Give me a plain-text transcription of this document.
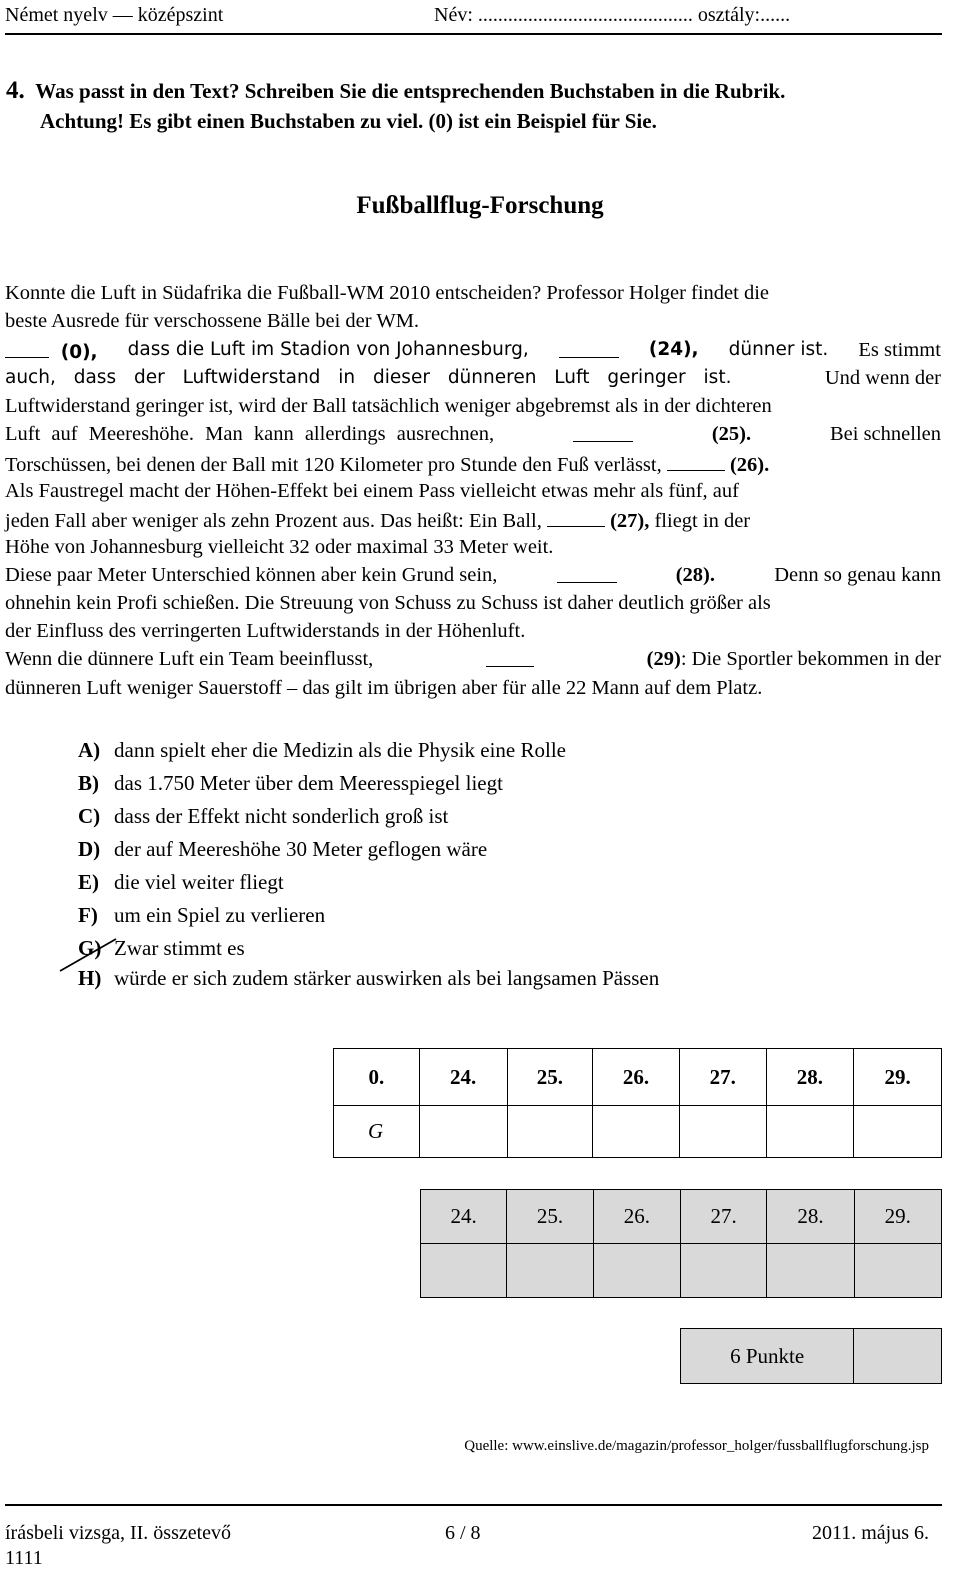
Német nyelv — középszint	Név: ........................................... osztály:......
4. Was passt in den Text? Schreiben Sie die entsprechenden Buchstaben in die Rubrik.
Achtung! Es gibt einen Buchstaben zu viel. (0) ist ein Beispiel für Sie.
Fußballflug-Forschung
Konnte die Luft in Südafrika die Fußball-WM 2010 entscheiden? Professor Holger findet die
beste Ausrede für verschossene Bälle bei der WM.
(0), dass die Luft im Stadion von Johannesburg,	(24), dünner ist. Es stimmt
auch, dass der Luftwiderstand in dieser dünneren Luft geringer ist.	Und wenn der
Luftwiderstand geringer ist, wird der Ball tatsächlich weniger abgebremst als in der dichteren
Luft auf Meereshöhe. Man kann allerdings ausrechnen,	(25).	Bei schnellen
Torschüssen, bei denen der Ball mit 120 Kilometer pro Stunde den Fuß verlässt,	(26).
Als Faustregel macht der Höhen-Effekt bei einem Pass vielleicht etwas mehr als fünf, auf
jeden Fall aber weniger als zehn Prozent aus. Das heißt: Ein Ball,	(27), fliegt in der
Höhe von Johannesburg vielleicht 32 oder maximal 33 Meter weit.
Diese paar Meter Unterschied können aber kein Grund sein,	(28).	Denn so genau kann
ohnehin kein Profi schießen. Die Streuung von Schuss zu Schuss ist daher deutlich größer als
der Einfluss des verringerten Luftwiderstands in der Höhenluft.
Wenn die dünnere Luft ein Team beeinflusst,	(29): Die Sportler bekommen in der
dünneren Luft weniger Sauerstoff – das gilt im übrigen aber für alle 22 Mann auf dem Platz.
A) dann spielt eher die Medizin als die Physik eine Rolle
B) das 1.750 Meter über dem Meeresspiegel liegt
C) dass der Effekt nicht sonderlich groß ist
D) der auf Meereshöhe 30 Meter geflogen wäre
E) die viel weiter fliegt
F) um ein Spiel zu verlieren
G) Zwar stimmt es
H) würde er sich zudem stärker auswirken als bei langsamen Pässen
0.	24.	25.	26.	27.	28.	29.
G						
24.	25.	26.	27.	28.	29.

6 Punkte	
Quelle: www.einslive.de/magazin/professor_holger/fussballflugforschung.jsp
írásbeli vizsga, II. összetevő
1111
6 / 8	2011. május 6.
